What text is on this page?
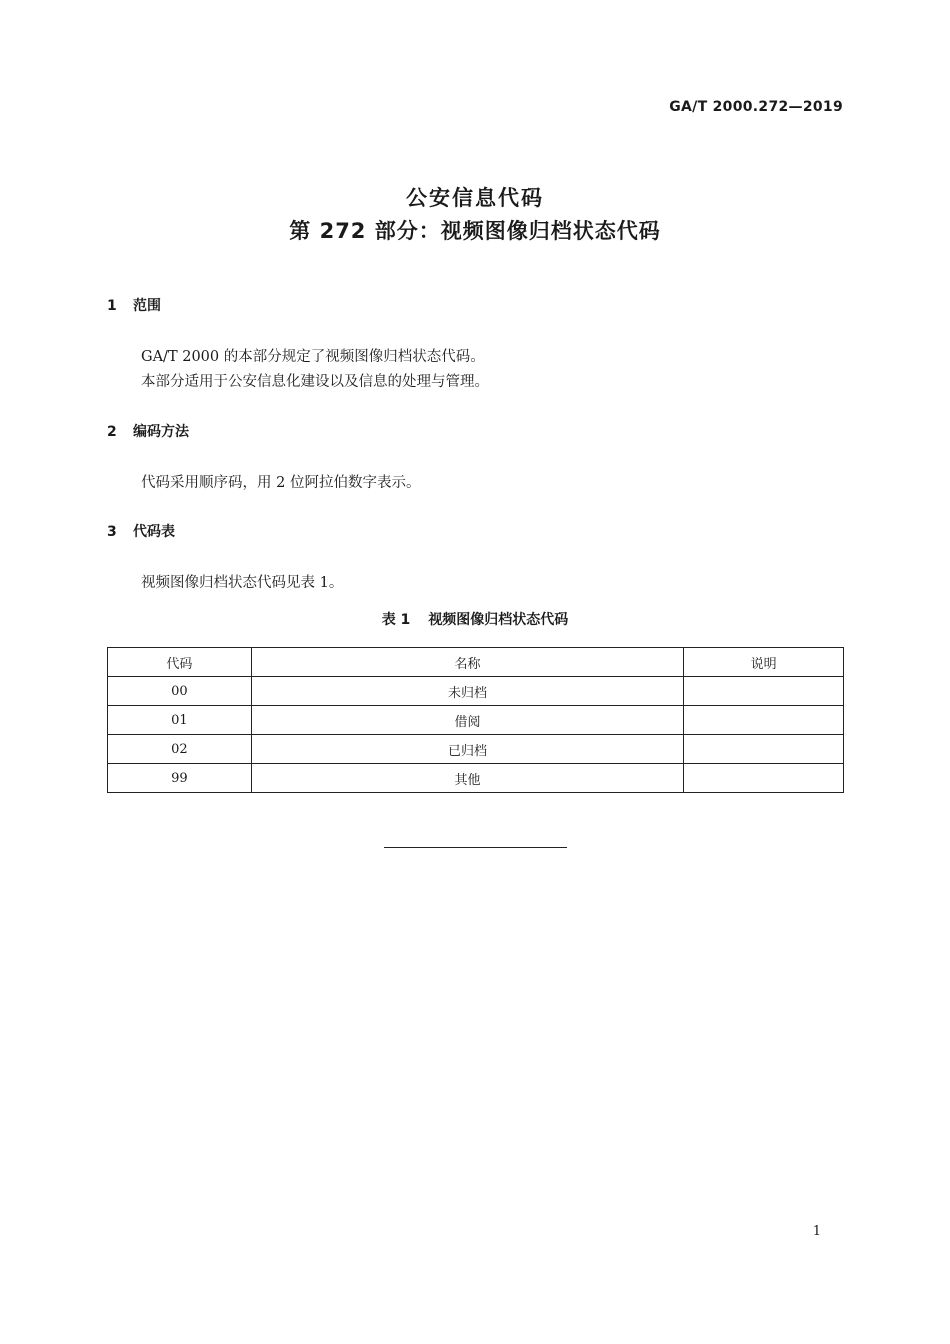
GA/T 2000.272—2019
公安信息代码
第 272 部分：视频图像归档状态代码
1 范围
GA/T 2000 的本部分规定了视频图像归档状态代码。
本部分适用于公安信息化建设以及信息的处理与管理。
2 编码方法
代码采用顺序码，用 2 位阿拉伯数字表示。
3 代码表
视频图像归档状态代码见表 1。
表 1 视频图像归档状态代码
代码	名称	说明
00	未归档	
01	借阅	
02	已归档	
99	其他	
1
